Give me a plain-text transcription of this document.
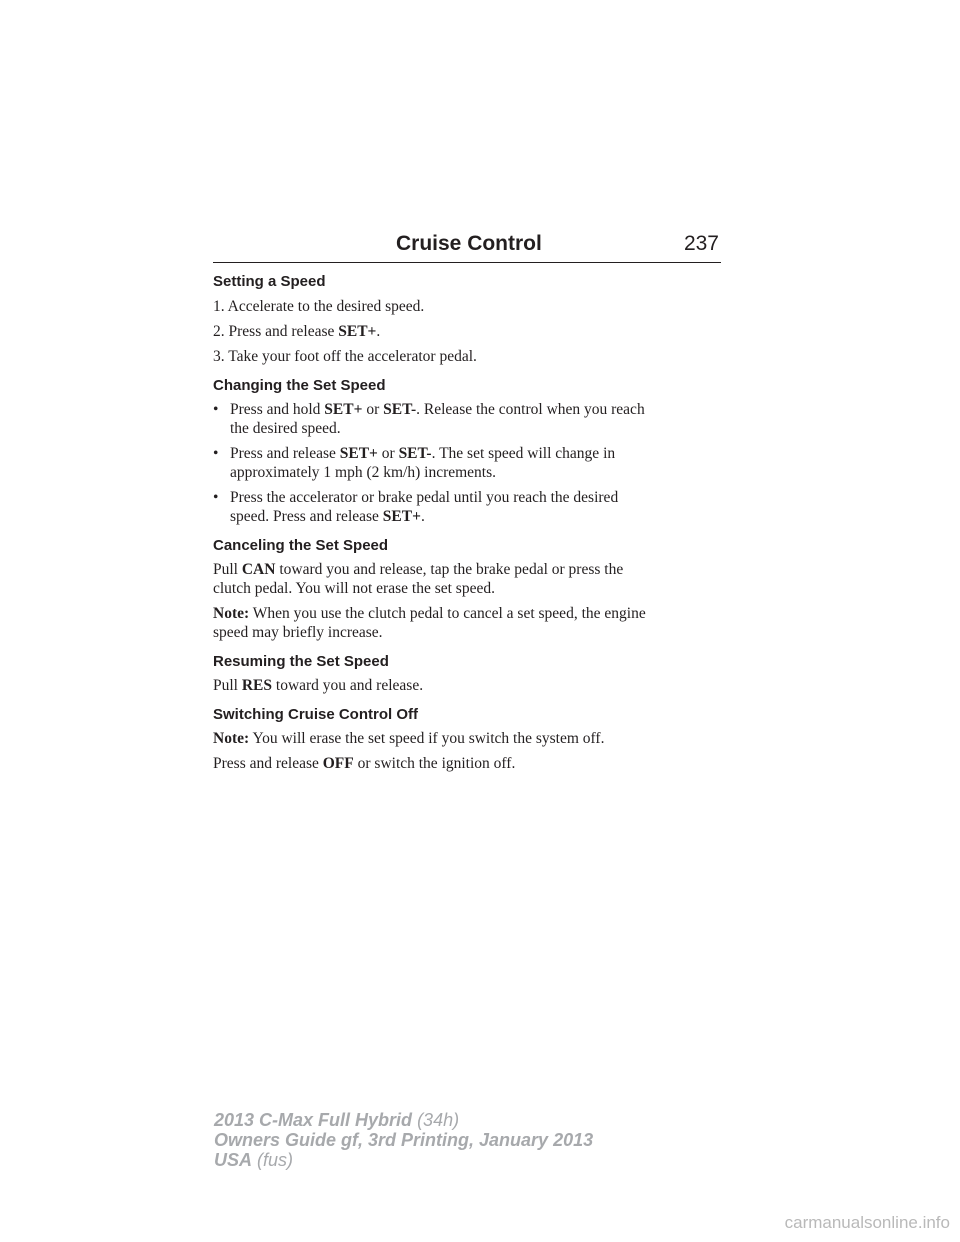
Cruise Control	237

Setting a Speed

1. Accelerate to the desired speed.

2. Press and release SET+.

3. Take your foot off the accelerator pedal.

Changing the Set Speed

• Press and hold SET+ or SET-. Release the control when you reach
the desired speed.
• Press and release SET+ or SET-. The set speed will change in
approximately 1 mph (2 km/h) increments.
• Press the accelerator or brake pedal until you reach the desired
speed. Press and release SET+.

Canceling the Set Speed

Pull CAN toward you and release, tap the brake pedal or press the
clutch pedal. You will not erase the set speed.

Note: When you use the clutch pedal to cancel a set speed, the engine
speed may briefly increase.

Resuming the Set Speed

Pull RES toward you and release.

Switching Cruise Control Off

Note: You will erase the set speed if you switch the system off.

Press and release OFF or switch the ignition off.

2013 C-Max Full Hybrid (34h)
Owners Guide gf, 3rd Printing, January 2013
USA (fus)
carmanualsonline.info
